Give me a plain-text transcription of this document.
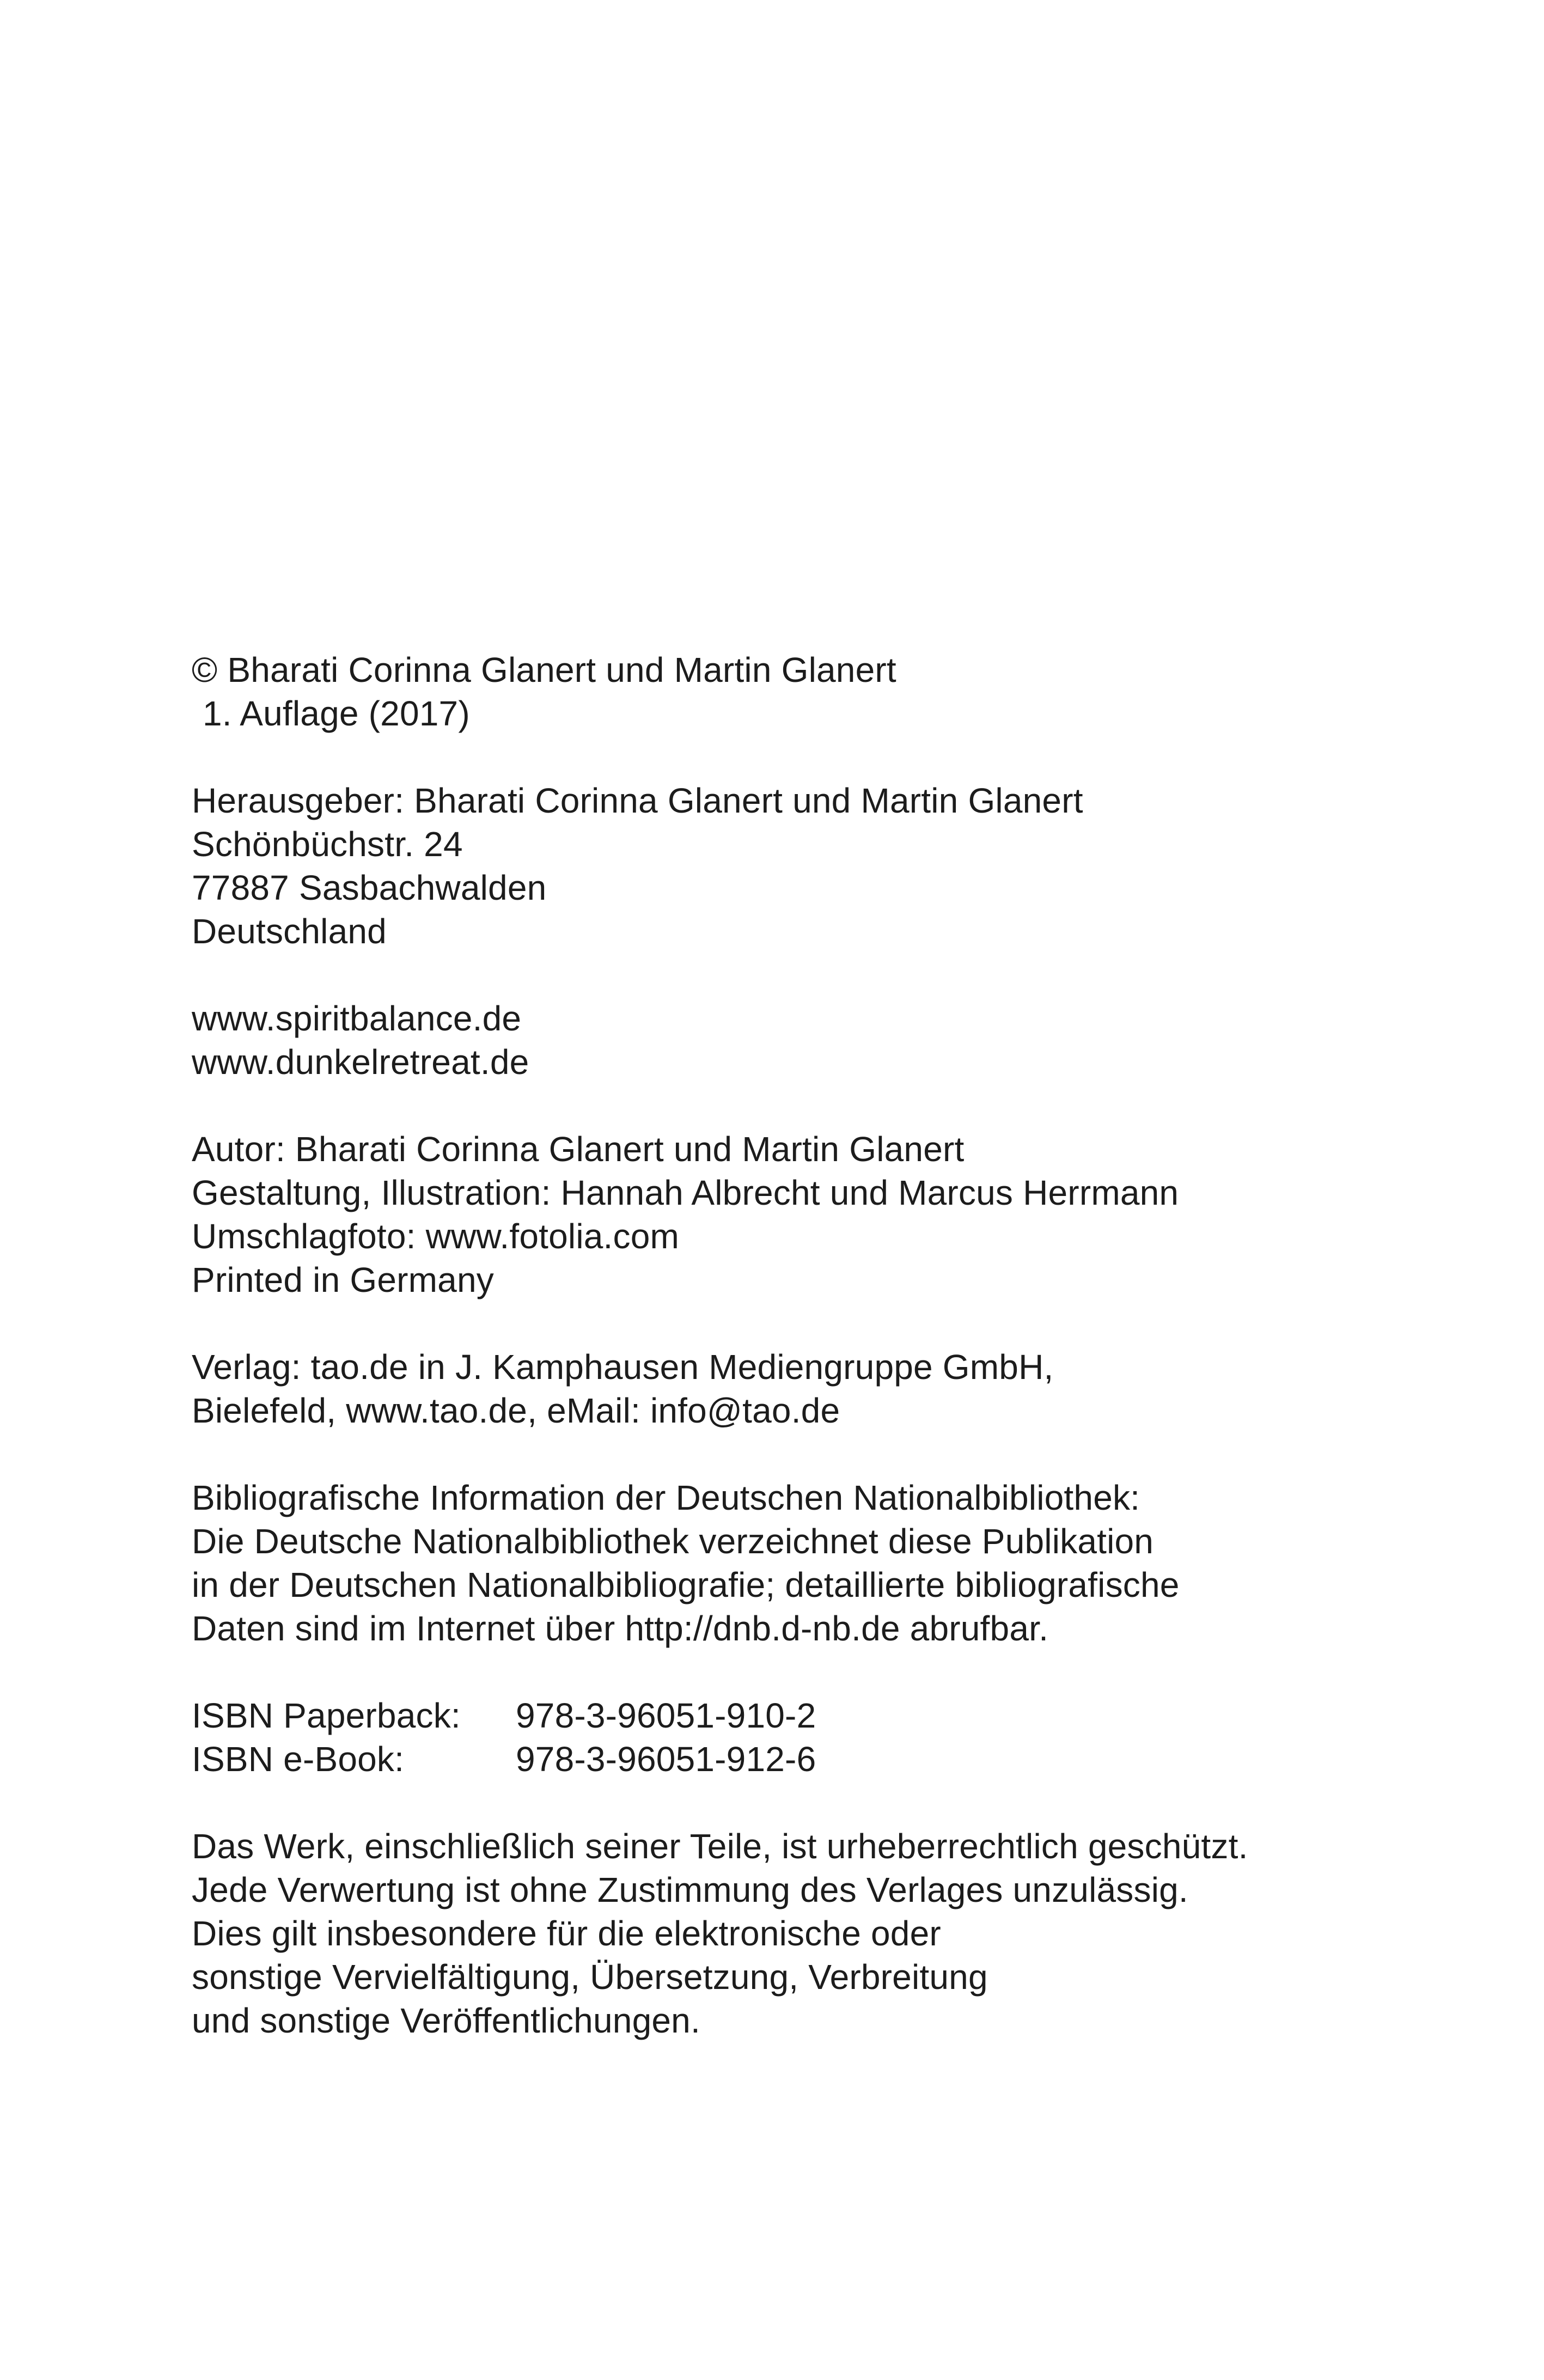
© Bharati Corinna Glanert und Martin Glanert
1. Auflage (2017)
Herausgeber: Bharati Corinna Glanert und Martin Glanert
Schönbüchstr. 24
77887 Sasbachwalden
Deutschland
www.spiritbalance.de
www.dunkelretreat.de
Autor: Bharati Corinna Glanert und Martin Glanert
Gestaltung, Illustration: Hannah Albrecht und Marcus Herrmann
Umschlagfoto: www.fotolia.com
Printed in Germany
Verlag: tao.de in J. Kamphausen Mediengruppe GmbH,
Bielefeld, www.tao.de, eMail: info@tao.de
Bibliografische Information der Deutschen Nationalbibliothek:
Die Deutsche Nationalbibliothek verzeichnet diese Publikation
in der Deutschen Nationalbibliografie; detaillierte bibliografische
Daten sind im Internet über http://dnb.d-nb.de abrufbar.
ISBN Paperback:	978-3-96051-910-2
ISBN e-Book:	978-3-96051-912-6
Das Werk, einschließlich seiner Teile, ist urheberrechtlich geschützt.
Jede Verwertung ist ohne Zustimmung des Verlages unzulässig.
Dies gilt insbesondere für die elektronische oder
sonstige Vervielfältigung, Übersetzung, Verbreitung
und sonstige Veröffentlichungen.
